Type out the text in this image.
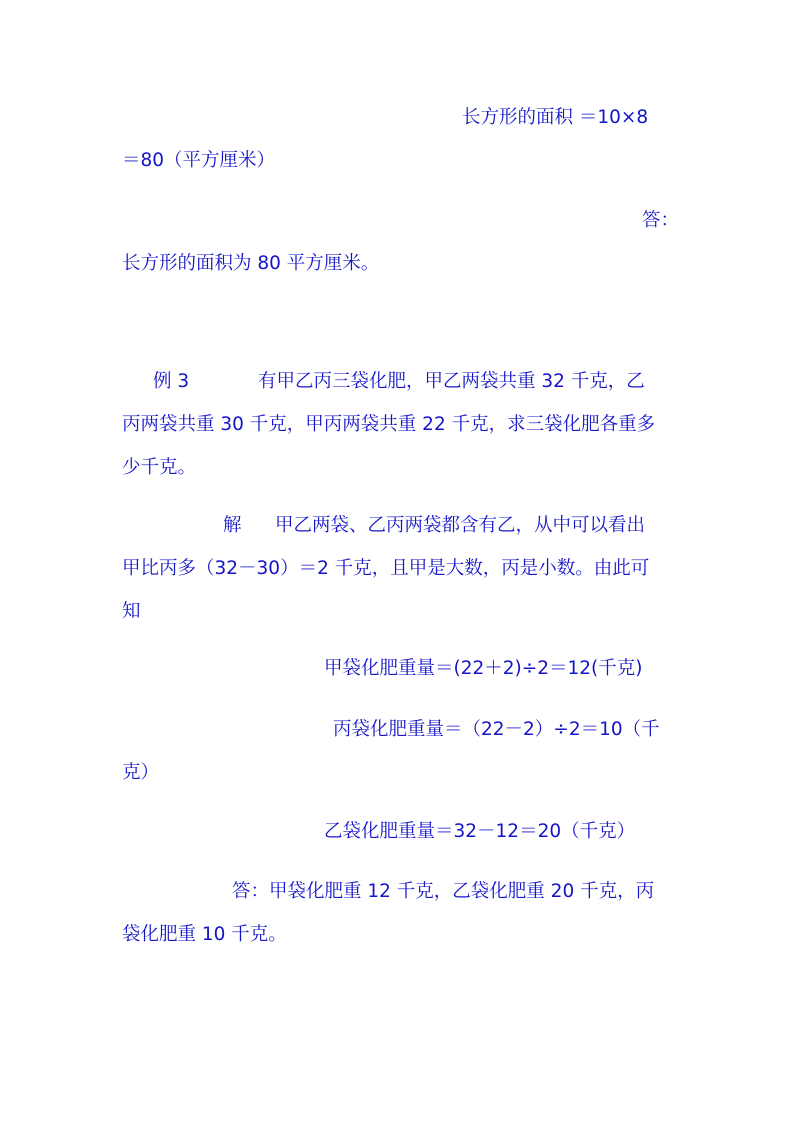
长方形的面积 ＝10×8
＝80（平方厘米）
答：
长方形的面积为 80 平方厘米。
例 3	有甲乙丙三袋化肥，甲乙两袋共重 32 千克，乙
丙两袋共重 30 千克，甲丙两袋共重 22 千克，求三袋化肥各重多
少千克。
解 甲乙两袋、乙丙两袋都含有乙，从中可以看出
甲比丙多（32－30）＝2 千克，且甲是大数，丙是小数。由此可
知
甲袋化肥重量＝(22＋2)÷2＝12(千克)
丙袋化肥重量＝（22－2）÷2＝10（千
克）
乙袋化肥重量＝32－12＝20（千克）
答：甲袋化肥重 12 千克，乙袋化肥重 20 千克，丙
袋化肥重 10 千克。
